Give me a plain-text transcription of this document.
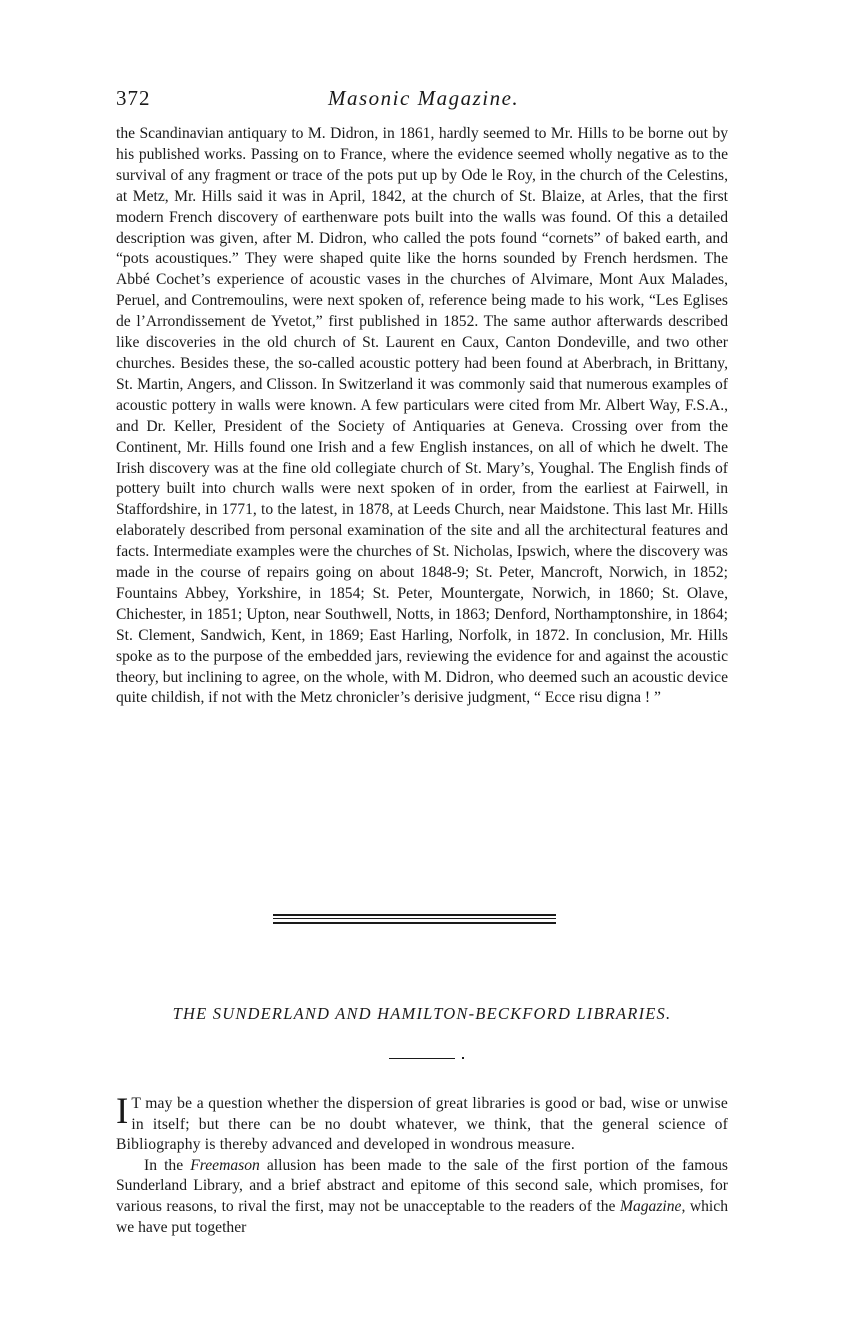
372	Masonic Magazine.

the Scandinavian antiquary to M. Didron, in 1861, hardly seemed to Mr. Hills to be borne out by his published works. Passing on to France, where the evidence seemed wholly negative as to the survival of any fragment or trace of the pots put up by Ode le Roy, in the church of the Celestins, at Metz, Mr. Hills said it was in April, 1842, at the church of St. Blaize, at Arles, that the first modern French discovery of earthenware pots built into the walls was found. Of this a detailed description was given, after M. Didron, who called the pots found “cornets” of baked earth, and “pots acoustiques.” They were shaped quite like the horns sounded by French herdsmen. The Abbé Cochet’s experience of acoustic vases in the churches of Alvimare, Mont Aux Malades, Peruel, and Contremoulins, were next spoken of, reference being made to his work, “Les Eglises de l’Arrondissement de Yvetot,” first published in 1852. The same author afterwards described like discoveries in the old church of St. Laurent en Caux, Canton Dondeville, and two other churches. Besides these, the so-called acoustic pottery had been found at Aberbrach, in Brittany, St. Martin, Angers, and Clisson. In Switzerland it was commonly said that numerous examples of acoustic pottery in walls were known. A few particulars were cited from Mr. Albert Way, F.S.A., and Dr. Keller, President of the Society of Antiquaries at Geneva. Crossing over from the Continent, Mr. Hills found one Irish and a few English instances, on all of which he dwelt. The Irish discovery was at the fine old collegiate church of St. Mary’s, Youghal. The English finds of pottery built into church walls were next spoken of in order, from the earliest at Fairwell, in Staffordshire, in 1771, to the latest, in 1878, at Leeds Church, near Maidstone. This last Mr. Hills elaborately described from personal examination of the site and all the architectural features and facts. Intermediate examples were the churches of St. Nicholas, Ipswich, where the discovery was made in the course of repairs going on about 1848-9; St. Peter, Mancroft, Norwich, in 1852; Fountains Abbey, Yorkshire, in 1854; St. Peter, Mountergate, Norwich, in 1860; St. Olave, Chichester, in 1851; Upton, near Southwell, Notts, in 1863; Denford, Northamptonshire, in 1864; St. Clement, Sandwich, Kent, in 1869; East Harling, Norfolk, in 1872. In conclusion, Mr. Hills spoke as to the purpose of the embedded jars, reviewing the evidence for and against the acoustic theory, but inclining to agree, on the whole, with M. Didron, who deemed such an acoustic device quite childish, if not with the Metz chronicler’s derisive judgment, “ Ecce risu digna ! ”

THE SUNDERLAND AND HAMILTON-BECKFORD LIBRARIES.

I T may be a question whether the dispersion of great libraries is good or bad, wise or unwise in itself; but there can be no doubt whatever, we think, that the general science of Bibliography is thereby advanced and developed in wondrous measure.

In the Freemason allusion has been made to the sale of the first portion of the famous Sunderland Library, and a brief abstract and epitome of this second sale, which promises, for various reasons, to rival the first, may not be unacceptable to the readers of the Magazine, which we have put together
